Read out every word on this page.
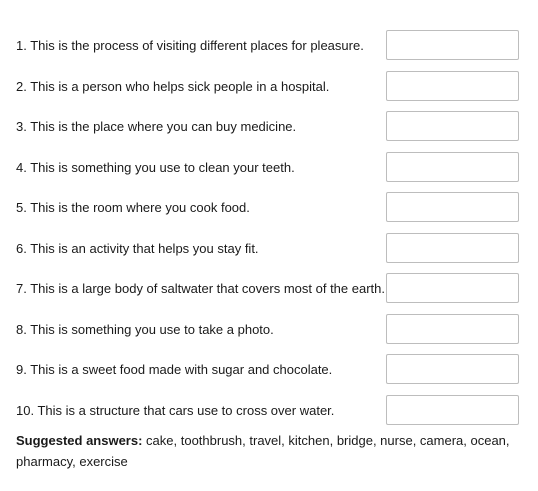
1. This is the process of visiting different places for pleasure.
2. This is a person who helps sick people in a hospital.
3. This is the place where you can buy medicine.
4. This is something you use to clean your teeth.
5. This is the room where you cook food.
6. This is an activity that helps you stay fit.
7. This is a large body of saltwater that covers most of the earth.
8. This is something you use to take a photo.
9. This is a sweet food made with sugar and chocolate.
10. This is a structure that cars use to cross over water.
Suggested answers: cake, toothbrush, travel, kitchen, bridge, nurse, camera, ocean, pharmacy, exercise
